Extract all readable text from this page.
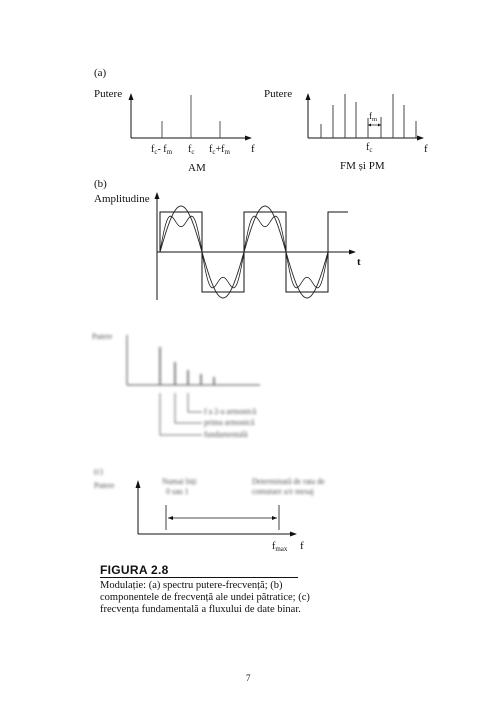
(a)
Putere
$f_c-$ $f_m$ $f_c$ $f_c+f_m$ f
AM
Putere
$f_m$
$f_c$	f
FM și PM
(b)
Amplitudine
t
Putere
f a 2-a armonică
prima armonică
fundamentală
(c)
Putere	Numai biți
0 sau 1
Determinată de rata de
comutare a/e mesaj
$f_{max}$ f
FIGURA 2.8
Modulație: (a) spectru putere-frecvență; (b) componentele de frecvență ale undei pătratice; (c) frecvența fundamentală a fluxului de date binar.
7
